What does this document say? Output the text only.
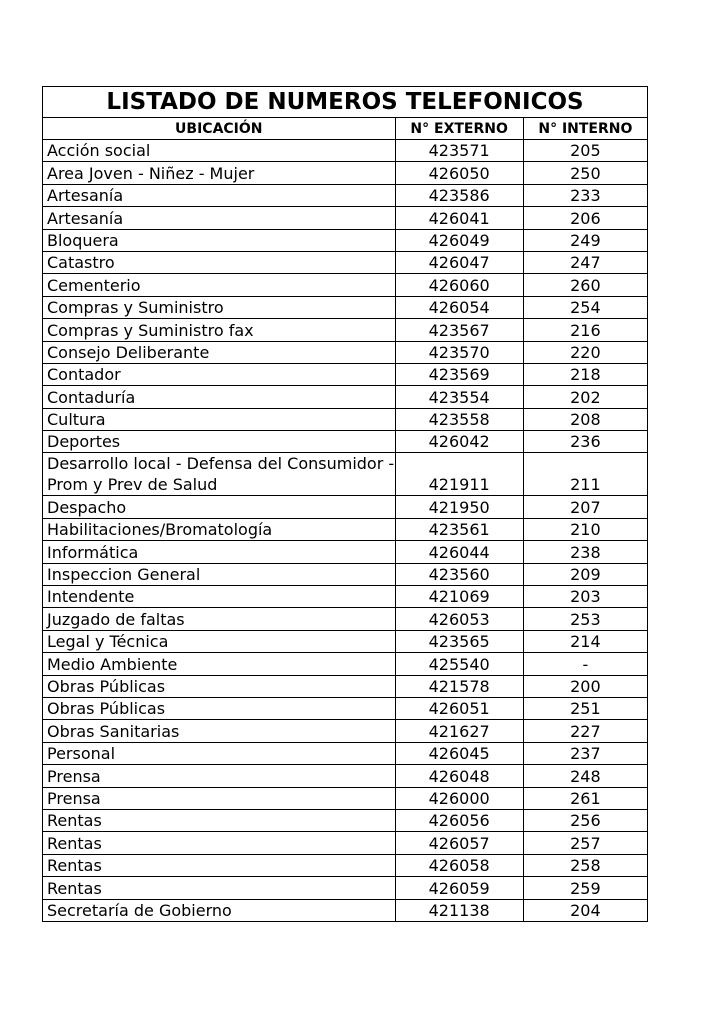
LISTADO DE NUMEROS TELEFONICOS		
UBICACIÓN	N° EXTERNO	N° INTERNO
Acción social	423571	205
Area Joven - Niñez - Mujer	426050	250
Artesanía	423586	233
Artesanía	426041	206
Bloquera	426049	249
Catastro	426047	247
Cementerio	426060	260
Compras y Suministro	426054	254
Compras y Suministro fax	423567	216
Consejo Deliberante	423570	220
Contador	423569	218
Contaduría	423554	202
Cultura	423558	208
Deportes	426042	236
Desarrollo local - Defensa del Consumidor - Prom y Prev de Salud	421911	211
Despacho	421950	207
Habilitaciones/Bromatología	423561	210
Informática	426044	238
Inspeccion General	423560	209
Intendente	421069	203
Juzgado de faltas	426053	253
Legal y Técnica	423565	214
Medio Ambiente	425540	-
Obras Públicas	421578	200
Obras Públicas	426051	251
Obras Sanitarias	421627	227
Personal	426045	237
Prensa	426048	248
Prensa	426000	261
Rentas	426056	256
Rentas	426057	257
Rentas	426058	258
Rentas	426059	259
Secretaría de Gobierno	421138	204
